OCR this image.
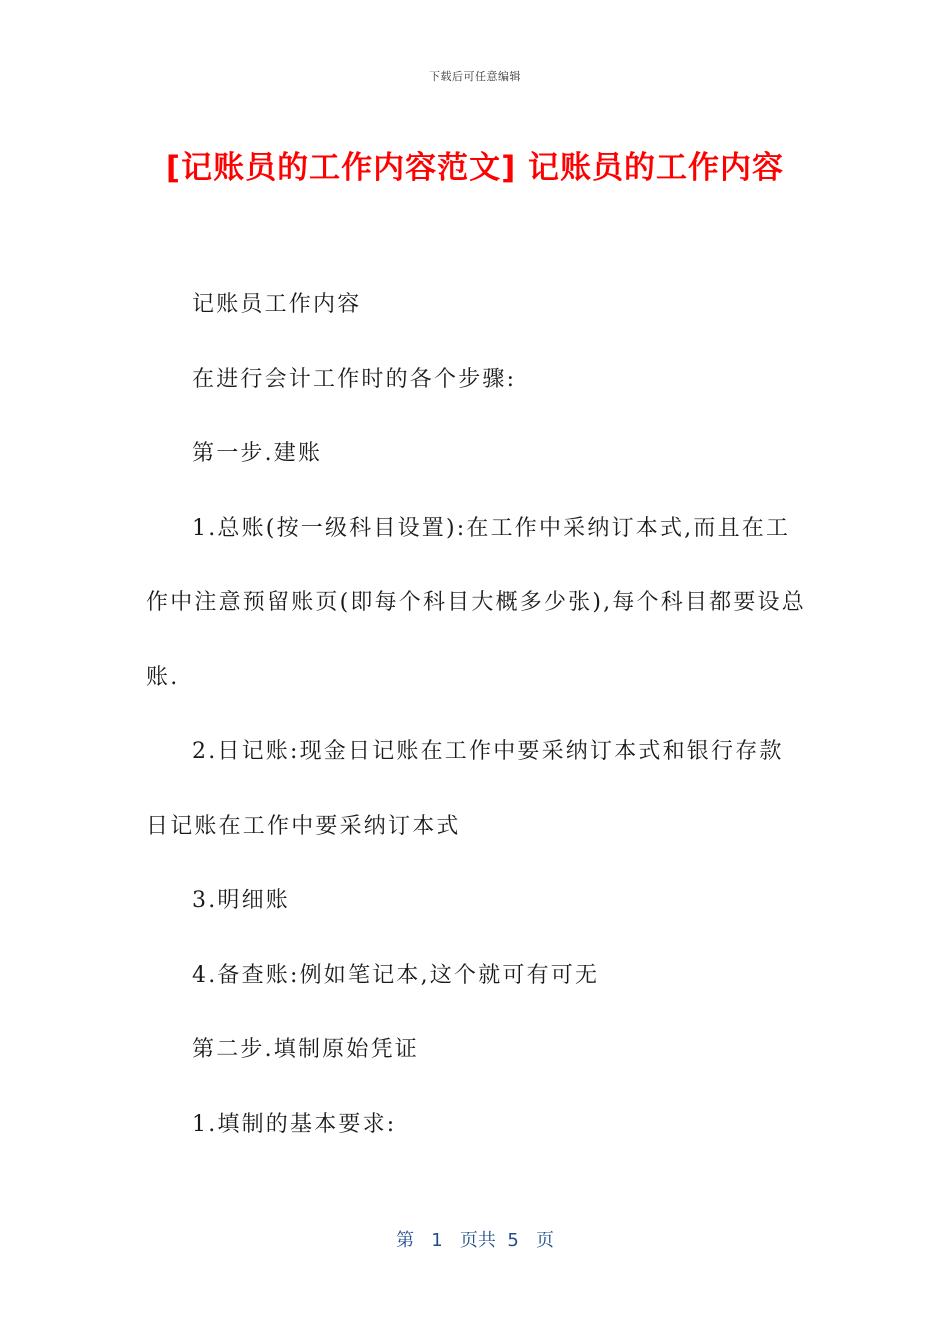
下载后可任意编辑
[记账员的工作内容范文] 记账员的工作内容

记账员工作内容

在进行会计工作时的各个步骤:

第一步.建账

1.总账(按一级科目设置):在工作中采纳订本式,而且在工作中注意预留账页(即每个科目大概多少张),每个科目都要设总账.

2.日记账:现金日记账在工作中要采纳订本式和银行存款日记账在工作中要采纳订本式

3.明细账

4.备查账:例如笔记本,这个就可有可无

第二步.填制原始凭证

1.填制的基本要求:

第 1 页共 5 页
